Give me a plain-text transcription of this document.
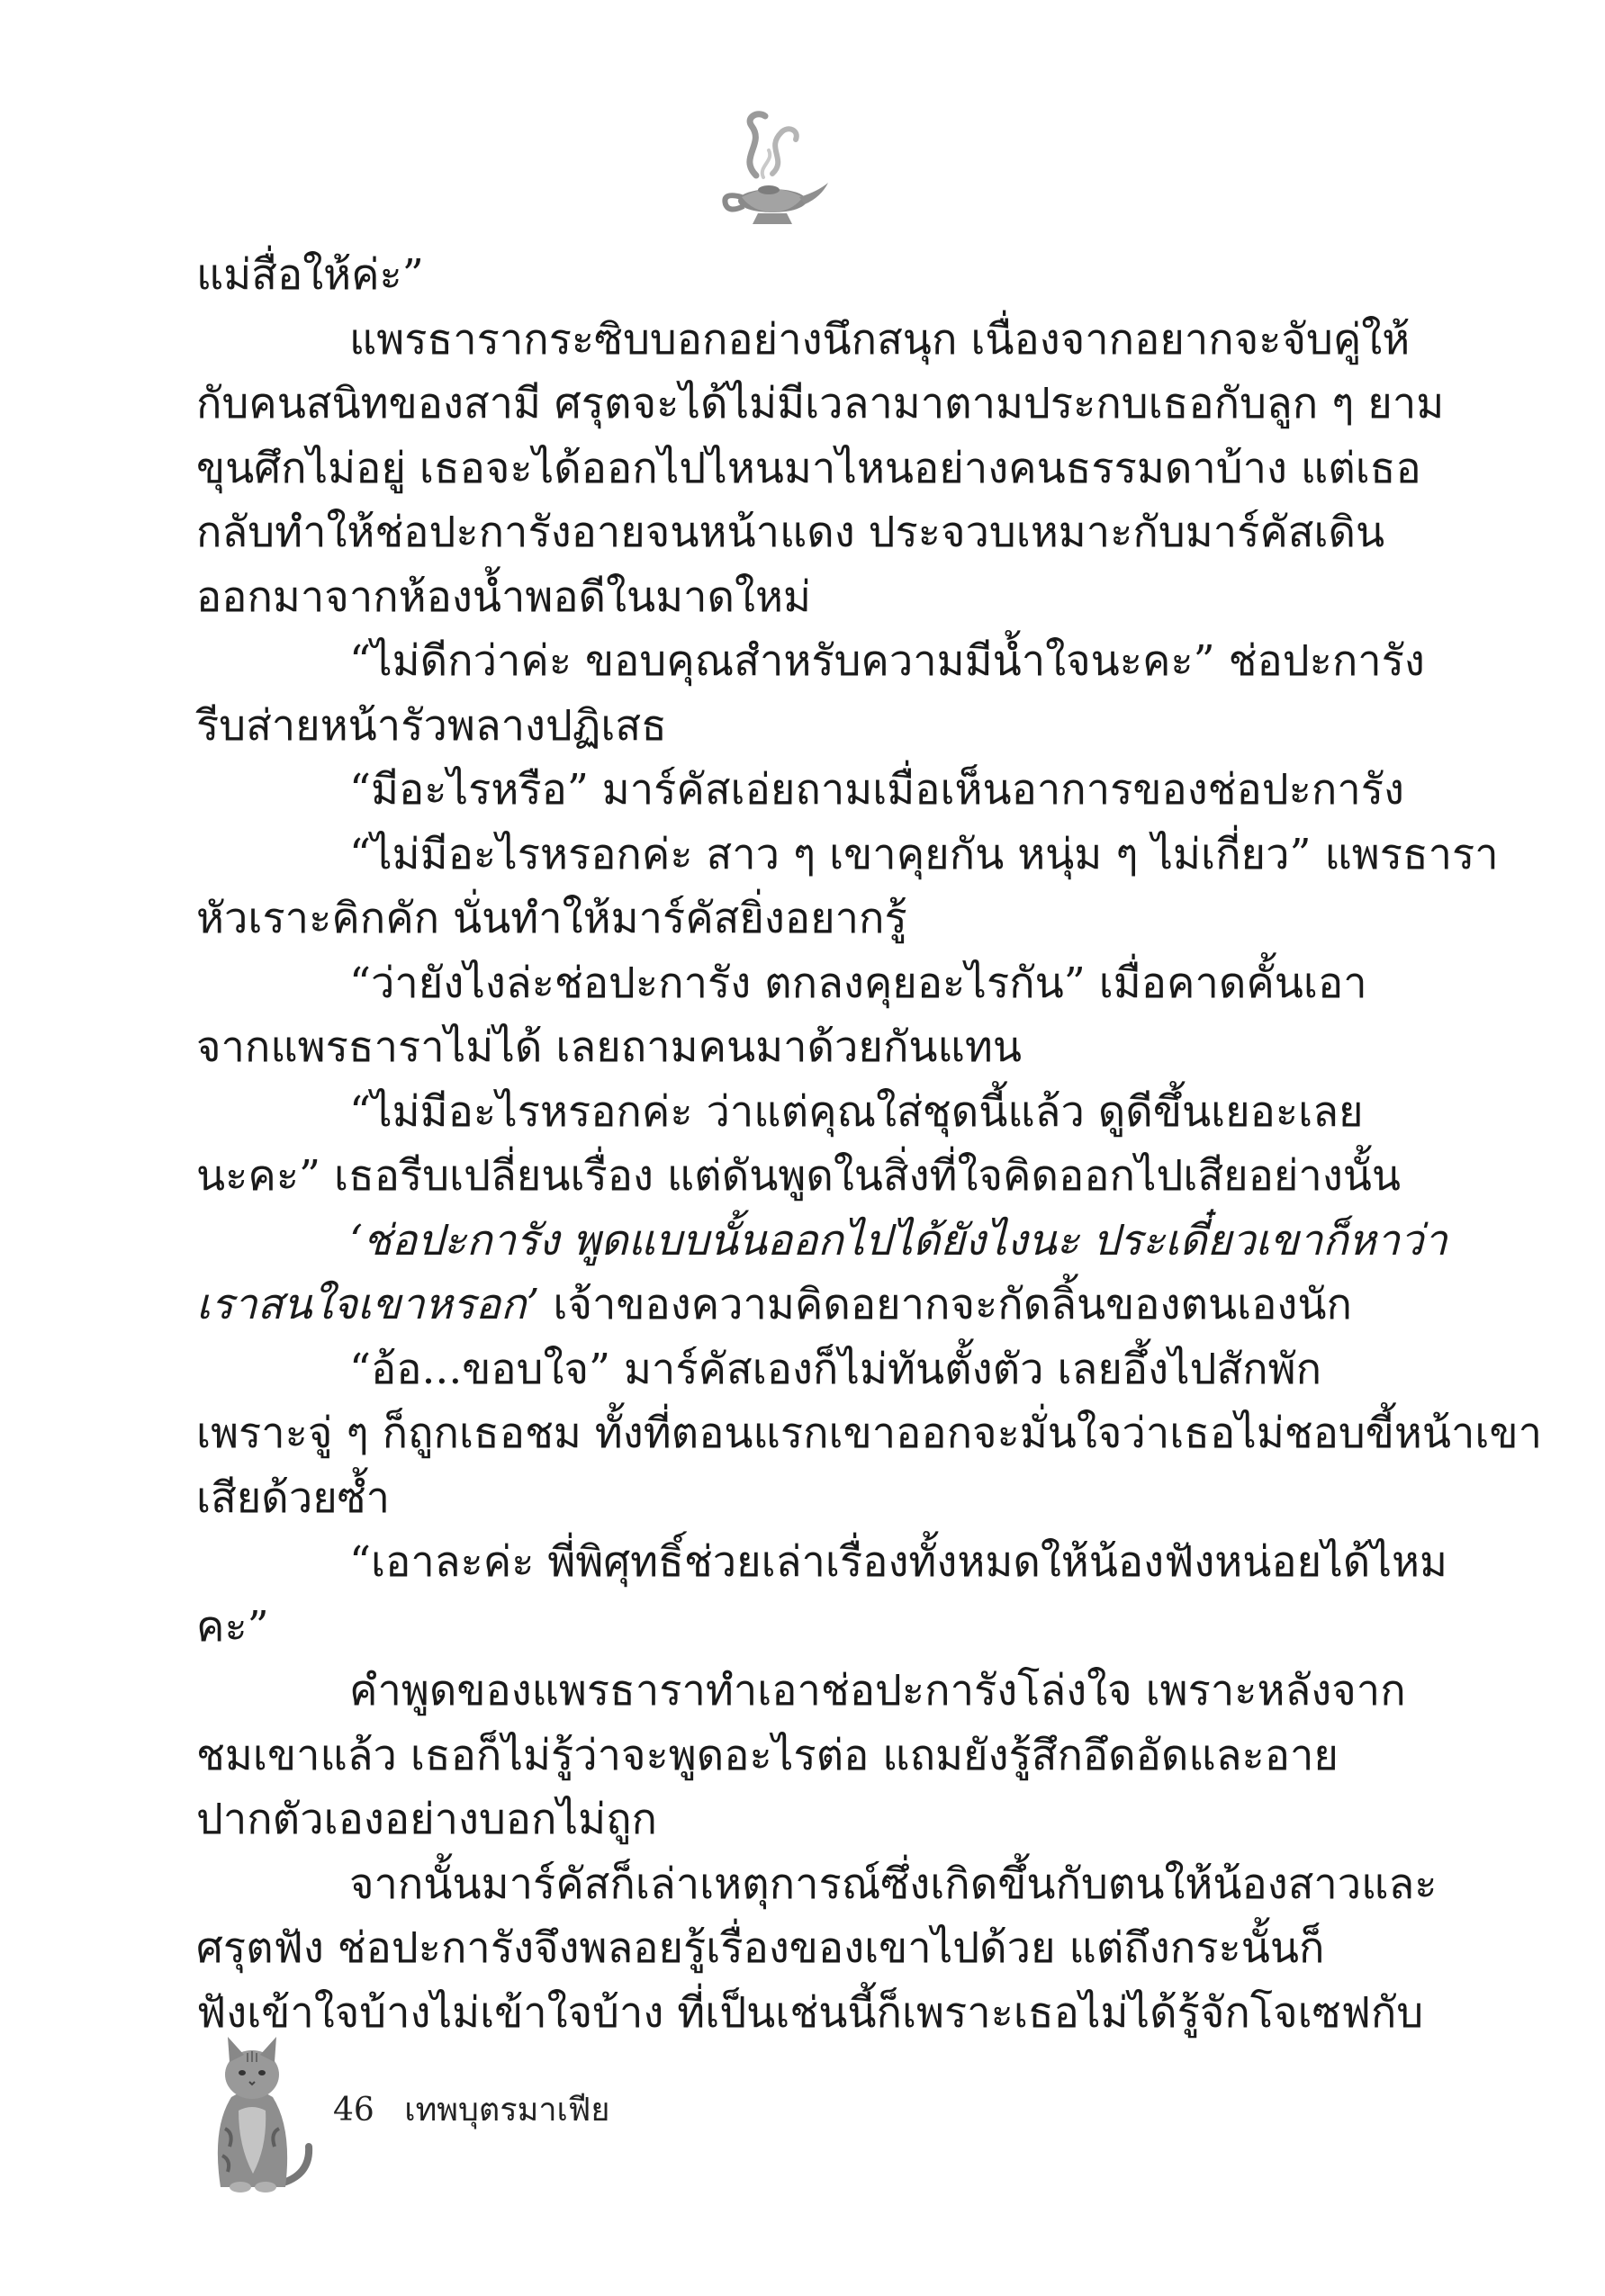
แม่สื่อให้ค่ะ”
แพรธารากระซิบบอกอย่างนึกสนุก เนื่องจากอยากจะจับคู่ให้
กับคนสนิทของสามี ศรุตจะได้ไม่มีเวลามาตามประกบเธอกับลูก ๆ ยาม
ขุนศึกไม่อยู่ เธอจะได้ออกไปไหนมาไหนอย่างคนธรรมดาบ้าง แต่เธอ
กลับทำให้ช่อปะการังอายจนหน้าแดง ประจวบเหมาะกับมาร์คัสเดิน
ออกมาจากห้องน้ำพอดีในมาดใหม่
“ไม่ดีกว่าค่ะ ขอบคุณสำหรับความมีน้ำใจนะคะ” ช่อปะการัง
รีบส่ายหน้ารัวพลางปฏิเสธ
“มีอะไรหรือ” มาร์คัสเอ่ยถามเมื่อเห็นอาการของช่อปะการัง
“ไม่มีอะไรหรอกค่ะ สาว ๆ เขาคุยกัน หนุ่ม ๆ ไม่เกี่ยว” แพรธารา
หัวเราะคิกคัก นั่นทำให้มาร์คัสยิ่งอยากรู้
“ว่ายังไงล่ะช่อปะการัง ตกลงคุยอะไรกัน” เมื่อคาดคั้นเอา
จากแพรธาราไม่ได้ เลยถามคนมาด้วยกันแทน
“ไม่มีอะไรหรอกค่ะ ว่าแต่คุณใส่ชุดนี้แล้ว ดูดีขึ้นเยอะเลย
นะคะ” เธอรีบเปลี่ยนเรื่อง แต่ดันพูดในสิ่งที่ใจคิดออกไปเสียอย่างนั้น
‘ช่อปะการัง พูดแบบนั้นออกไปได้ยังไงนะ ประเดี๋ยวเขาก็หาว่า
เราสนใจเขาหรอก’ เจ้าของความคิดอยากจะกัดลิ้นของตนเองนัก
“อ้อ...ขอบใจ” มาร์คัสเองก็ไม่ทันตั้งตัว เลยอึ้งไปสักพัก
เพราะจู่ ๆ ก็ถูกเธอชม ทั้งที่ตอนแรกเขาออกจะมั่นใจว่าเธอไม่ชอบขี้หน้าเขา
เสียด้วยซ้ำ
“เอาละค่ะ พี่พิศุทธิ์ช่วยเล่าเรื่องทั้งหมดให้น้องฟังหน่อยได้ไหม
คะ”
คำพูดของแพรธาราทำเอาช่อปะการังโล่งใจ เพราะหลังจาก
ชมเขาแล้ว เธอก็ไม่รู้ว่าจะพูดอะไรต่อ แถมยังรู้สึกอึดอัดและอาย
ปากตัวเองอย่างบอกไม่ถูก
จากนั้นมาร์คัสก็เล่าเหตุการณ์ซึ่งเกิดขึ้นกับตนให้น้องสาวและ
ศรุตฟัง ช่อปะการังจึงพลอยรู้เรื่องของเขาไปด้วย แต่ถึงกระนั้นก็
ฟังเข้าใจบ้างไม่เข้าใจบ้าง ที่เป็นเช่นนี้ก็เพราะเธอไม่ได้รู้จักโจเซฟกับ
46 เทพบุตรมาเฟีย
